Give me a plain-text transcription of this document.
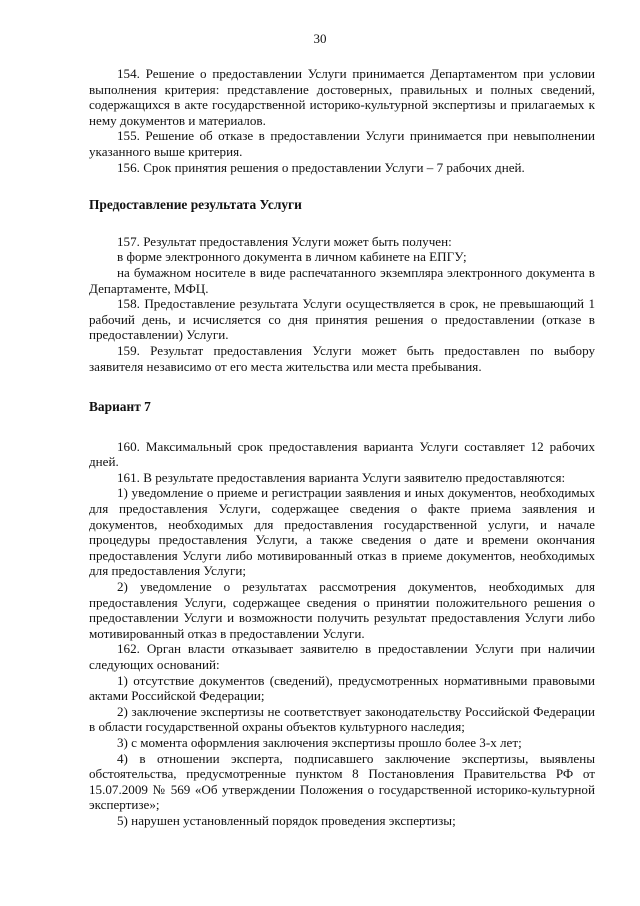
30

154. Решение о предоставлении Услуги принимается Департаментом при условии выполнения критерия: представление достоверных, правильных и полных сведений, содержащихся в акте государственной историко-культурной экспертизы и прилагаемых к нему документов и материалов.

155. Решение об отказе в предоставлении Услуги принимается при невыполнении указанного выше критерия.

156. Срок принятия решения о предоставлении Услуги – 7 рабочих дней.

Предоставление результата Услуги

157. Результат предоставления Услуги может быть получен:

в форме электронного документа в личном кабинете на ЕПГУ;

на бумажном носителе в виде распечатанного экземпляра электронного документа в Департаменте, МФЦ.

158. Предоставление результата Услуги осуществляется в срок, не превышающий 1 рабочий день, и исчисляется со дня принятия решения о предоставлении (отказе в предоставлении) Услуги.

159. Результат предоставления Услуги может быть предоставлен по выбору заявителя независимо от его места жительства или места пребывания.

Вариант 7

160. Максимальный срок предоставления варианта Услуги составляет 12 рабочих дней.

161. В результате предоставления варианта Услуги заявителю предоставляются:

1) уведомление о приеме и регистрации заявления и иных документов, необходимых для предоставления Услуги, содержащее сведения о факте приема заявления и документов, необходимых для предоставления государственной услуги, и начале процедуры предоставления Услуги, а также сведения о дате и времени окончания предоставления Услуги либо мотивированный отказ в приеме документов, необходимых для предоставления Услуги;

2) уведомление о результатах рассмотрения документов, необходимых для предоставления Услуги, содержащее сведения о принятии положительного решения о предоставлении Услуги и возможности получить результат предоставления Услуги либо мотивированный отказ в предоставлении Услуги.

162. Орган власти отказывает заявителю в предоставлении Услуги при наличии следующих оснований:

1) отсутствие документов (сведений), предусмотренных нормативными правовыми актами Российской Федерации;

2) заключение экспертизы не соответствует законодательству Российской Федерации в области государственной охраны объектов культурного наследия;

3) с момента оформления заключения экспертизы прошло более 3-х лет;

4) в отношении эксперта, подписавшего заключение экспертизы, выявлены обстоятельства, предусмотренные пунктом 8 Постановления Правительства РФ от 15.07.2009 № 569 «Об утверждении Положения о государственной историко-культурной экспертизе»;

5) нарушен установленный порядок проведения экспертизы;
